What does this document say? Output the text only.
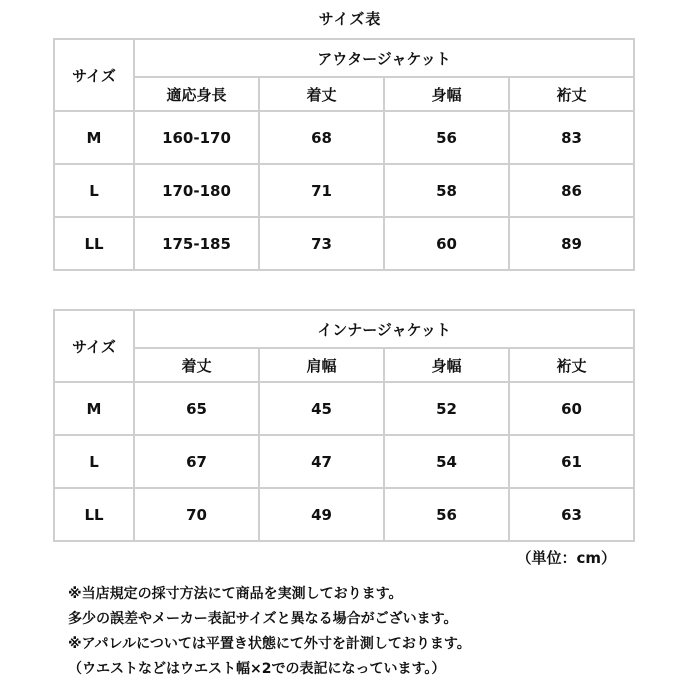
サイズ表
サイズ	アウタージャケット			
	適応身長	着丈	身幅	裄丈
M	160-170	68	56	83
L	170-180	71	58	86
LL	175-185	73	60	89
サイズ	インナージャケット			
	着丈	肩幅	身幅	裄丈
M	65	45	52	60
L	67	47	54	61
LL	70	49	56	63
（単位：cm）
※当店規定の採寸方法にて商品を実測しております。
多少の誤差やメーカー表記サイズと異なる場合がございます。
※アパレルについては平置き状態にて外寸を計測しております。
（ウエストなどはウエスト幅×2での表記になっています。）
